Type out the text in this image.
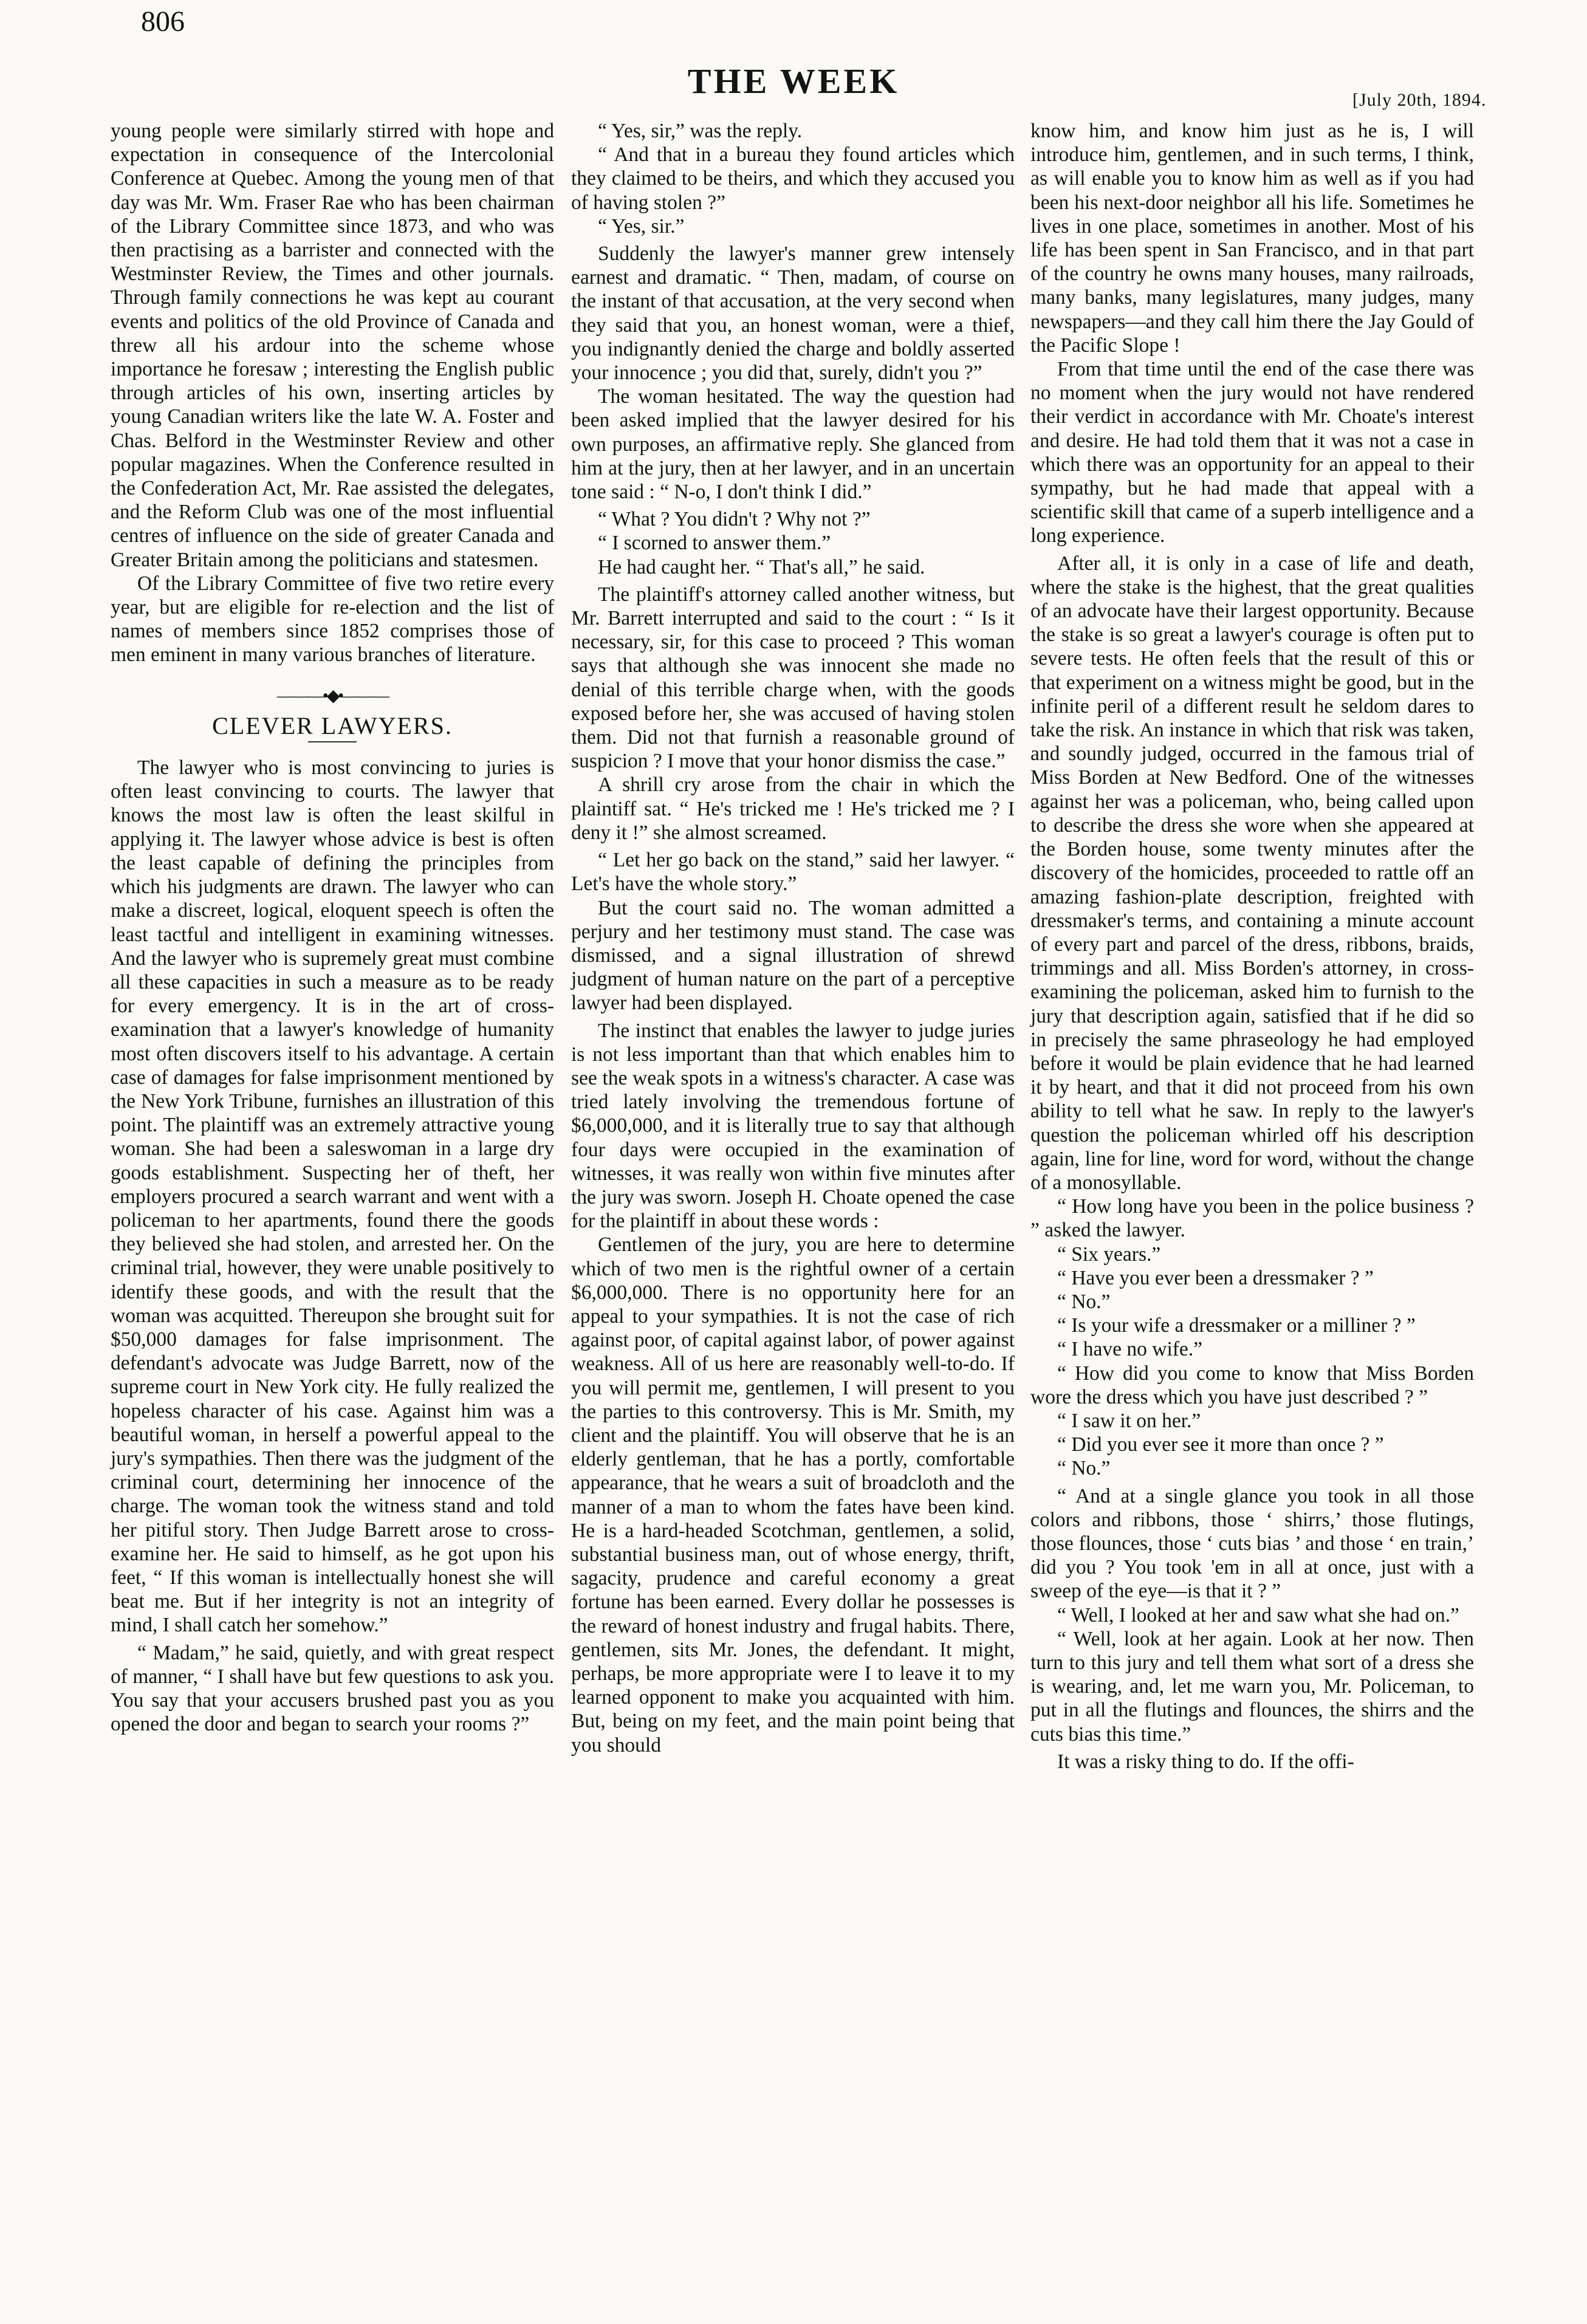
806
THE WEEK	[July 20th, 1894.

young people were similarly stirred with hope and expectation in consequence of the Intercolonial Conference at Quebec. Among the young men of that day was Mr. Wm. Fraser Rae who has been chairman of the Library Committee since 1873, and who was then practising as a barrister and connected with the Westminster Review, the Times and other journals. Through family connections he was kept au courant events and politics of the old Province of Canada and threw all his ardour into the scheme whose importance he foresaw ; interesting the English public through articles of his own, inserting articles by young Canadian writers like the late W. A. Foster and Chas. Belford in the Westminster Review and other popular magazines. When the Conference resulted in the Confederation Act, Mr. Rae assisted the delegates, and the Reform Club was one of the most influential centres of influence on the side of greater Canada and Greater Britain among the politicians and statesmen.

Of the Library Committee of five two retire every year, but are eligible for re-election and the list of names of members since 1852 comprises those of men eminent in many various branches of literature.

———•◆•———
CLEVER LAWYERS.

The lawyer who is most convincing to juries is often least convincing to courts. The lawyer that knows the most law is often the least skilful in applying it. The lawyer whose advice is best is often the least capable of defining the principles from which his judgments are drawn. The lawyer who can make a discreet, logical, eloquent speech is often the least tactful and intelligent in examining witnesses. And the lawyer who is supremely great must combine all these capacities in such a measure as to be ready for every emergency. It is in the art of cross-examination that a lawyer's knowledge of humanity most often discovers itself to his advantage. A certain case of damages for false imprisonment mentioned by the New York Tribune, furnishes an illustration of this point. The plaintiff was an extremely attractive young woman. She had been a saleswoman in a large dry goods establishment. Suspecting her of theft, her employers procured a search warrant and went with a policeman to her apartments, found there the goods they believed she had stolen, and arrested her. On the criminal trial, however, they were unable positively to identify these goods, and with the result that the woman was acquitted. Thereupon she brought suit for $50,000 damages for false imprisonment. The defendant's advocate was Judge Barrett, now of the supreme court in New York city. He fully realized the hopeless character of his case. Against him was a beautiful woman, in herself a powerful appeal to the jury's sympathies. Then there was the judgment of the criminal court, determining her innocence of the charge. The woman took the witness stand and told her pitiful story. Then Judge Barrett arose to cross-examine her. He said to himself, as he got upon his feet, “ If this woman is intellectually honest she will beat me. But if her integrity is not an integrity of mind, I shall catch her somehow.”

“ Madam,” he said, quietly, and with great respect of manner, “ I shall have but few questions to ask you. You say that your accusers brushed past you as you opened the door and began to search your rooms ?”

“ Yes, sir,” was the reply.

“ And that in a bureau they found articles which they claimed to be theirs, and which they accused you of having stolen ?”

“ Yes, sir.”

Suddenly the lawyer's manner grew intensely earnest and dramatic. “ Then, madam, of course on the instant of that accusation, at the very second when they said that you, an honest woman, were a thief, you indignantly denied the charge and boldly asserted your innocence ; you did that, surely, didn't you ?”

The woman hesitated. The way the question had been asked implied that the lawyer desired for his own purposes, an affirmative reply. She glanced from him at the jury, then at her lawyer, and in an uncertain tone said : “ N-o, I don't think I did.”

“ What ? You didn't ? Why not ?”

“ I scorned to answer them.”

He had caught her. “ That's all,” he said.

The plaintiff's attorney called another witness, but Mr. Barrett interrupted and said to the court : “ Is it necessary, sir, for this case to proceed ? This woman says that although she was innocent she made no denial of this terrible charge when, with the goods exposed before her, she was accused of having stolen them. Did not that furnish a reasonable ground of suspicion ? I move that your honor dismiss the case.”

A shrill cry arose from the chair in which the plaintiff sat. “ He's tricked me ! He's tricked me ? I deny it !” she almost screamed.

“ Let her go back on the stand,” said her lawyer. “ Let's have the whole story.”

But the court said no. The woman admitted a perjury and her testimony must stand. The case was dismissed, and a signal illustration of shrewd judgment of human nature on the part of a perceptive lawyer had been displayed.

The instinct that enables the lawyer to judge juries is not less important than that which enables him to see the weak spots in a witness's character. A case was tried lately involving the tremendous fortune of $6,000,000, and it is literally true to say that although four days were occupied in the examination of witnesses, it was really won within five minutes after the jury was sworn. Joseph H. Choate opened the case for the plaintiff in about these words :

Gentlemen of the jury, you are here to determine which of two men is the rightful owner of a certain $6,000,000. There is no opportunity here for an appeal to your sympathies. It is not the case of rich against poor, of capital against labor, of power against weakness. All of us here are reasonably well-to-do. If you will permit me, gentlemen, I will present to you the parties to this controversy. This is Mr. Smith, my client and the plaintiff. You will observe that he is an elderly gentleman, that he has a portly, comfortable appearance, that he wears a suit of broadcloth and the manner of a man to whom the fates have been kind. He is a hard-headed Scotchman, gentlemen, a solid, substantial business man, out of whose energy, thrift, sagacity, prudence and careful economy a great fortune has been earned. Every dollar he possesses is the reward of honest industry and frugal habits. There, gentlemen, sits Mr. Jones, the defendant. It might, perhaps, be more appropriate were I to leave it to my learned opponent to make you acquainted with him. But, being on my feet, and the main point being that you should

know him, and know him just as he is, I will introduce him, gentlemen, and in such terms, I think, as will enable you to know him as well as if you had been his next-door neighbor all his life. Sometimes he lives in one place, sometimes in another. Most of his life has been spent in San Francisco, and in that part of the country he owns many houses, many railroads, many banks, many legislatures, many judges, many newspapers—and they call him there the Jay Gould of the Pacific Slope !

From that time until the end of the case there was no moment when the jury would not have rendered their verdict in accordance with Mr. Choate's interest and desire. He had told them that it was not a case in which there was an opportunity for an appeal to their sympathy, but he had made that appeal with a scientific skill that came of a superb intelligence and a long experience.

After all, it is only in a case of life and death, where the stake is the highest, that the great qualities of an advocate have their largest opportunity. Because the stake is so great a lawyer's courage is often put to severe tests. He often feels that the result of this or that experiment on a witness might be good, but in the infinite peril of a different result he seldom dares to take the risk. An instance in which that risk was taken, and soundly judged, occurred in the famous trial of Miss Borden at New Bedford. One of the witnesses against her was a policeman, who, being called upon to describe the dress she wore when she appeared at the Borden house, some twenty minutes after the discovery of the homicides, proceeded to rattle off an amazing fashion-plate description, freighted with dressmaker's terms, and containing a minute account of every part and parcel of the dress, ribbons, braids, trimmings and all. Miss Borden's attorney, in cross-examining the policeman, asked him to furnish to the jury that description again, satisfied that if he did so in precisely the same phraseology he had employed before it would be plain evidence that he had learned it by heart, and that it did not proceed from his own ability to tell what he saw. In reply to the lawyer's question the policeman whirled off his description again, line for line, word for word, without the change of a monosyllable.

“ How long have you been in the police business ? ” asked the lawyer.

“ Six years.”

“ Have you ever been a dressmaker ? ”

“ No.”

“ Is your wife a dressmaker or a milliner ? ”

“ I have no wife.”

“ How did you come to know that Miss Borden wore the dress which you have just described ? ”

“ I saw it on her.”

“ Did you ever see it more than once ? ”

“ No.”

“ And at a single glance you took in all those colors and ribbons, those ‘ shirrs,’ those flutings, those flounces, those ‘ cuts bias ’ and those ‘ en train,’ did you ? You took 'em in all at once, just with a sweep of the eye—is that it ? ”

“ Well, I looked at her and saw what she had on.”

“ Well, look at her again. Look at her now. Then turn to this jury and tell them what sort of a dress she is wearing, and, let me warn you, Mr. Policeman, to put in all the flutings and flounces, the shirrs and the cuts bias this time.”

It was a risky thing to do. If the offi-
